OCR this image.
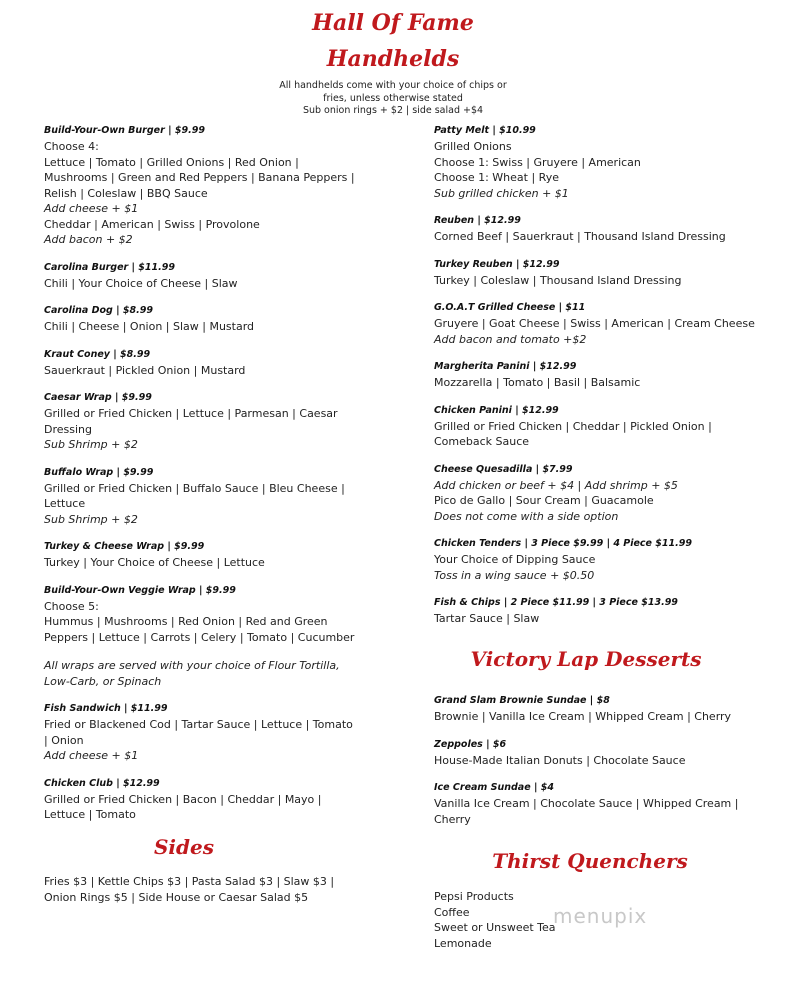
Hall Of Fame
Handhelds
All handhelds come with your choice of chips or
fries, unless otherwise stated
Sub onion rings + $2 | side salad +$4
Build-Your-Own Burger | $9.99
Choose 4:
Lettuce | Tomato | Grilled Onions | Red Onion |
Mushrooms | Green and Red Peppers | Banana Peppers |
Relish | Coleslaw | BBQ Sauce
Add cheese + $1
Cheddar | American | Swiss | Provolone
Add bacon + $2
Carolina Burger | $11.99
Chili | Your Choice of Cheese | Slaw
Carolina Dog | $8.99
Chili | Cheese | Onion | Slaw | Mustard
Kraut Coney | $8.99
Sauerkraut | Pickled Onion | Mustard
Caesar Wrap | $9.99
Grilled or Fried Chicken | Lettuce | Parmesan | Caesar
Dressing
Sub Shrimp + $2
Buffalo Wrap | $9.99
Grilled or Fried Chicken | Buffalo Sauce | Bleu Cheese |
Lettuce
Sub Shrimp + $2
Turkey & Cheese Wrap | $9.99
Turkey | Your Choice of Cheese | Lettuce
Build-Your-Own Veggie Wrap | $9.99
Choose 5:
Hummus | Mushrooms | Red Onion | Red and Green
Peppers | Lettuce | Carrots | Celery | Tomato | Cucumber
All wraps are served with your choice of Flour Tortilla,
Low-Carb, or Spinach
Fish Sandwich | $11.99
Fried or Blackened Cod | Tartar Sauce | Lettuce | Tomato
| Onion
Add cheese + $1
Chicken Club | $12.99
Grilled or Fried Chicken | Bacon | Cheddar | Mayo |
Lettuce | Tomato
Patty Melt | $10.99
Grilled Onions
Choose 1: Swiss | Gruyere | American
Choose 1: Wheat | Rye
Sub grilled chicken + $1
Reuben | $12.99
Corned Beef | Sauerkraut | Thousand Island Dressing
Turkey Reuben | $12.99
Turkey | Coleslaw | Thousand Island Dressing
G.O.A.T Grilled Cheese | $11
Gruyere | Goat Cheese | Swiss | American | Cream Cheese
Add bacon and tomato +$2
Margherita Panini | $12.99
Mozzarella | Tomato | Basil | Balsamic
Chicken Panini | $12.99
Grilled or Fried Chicken | Cheddar | Pickled Onion |
Comeback Sauce
Cheese Quesadilla | $7.99
Add chicken or beef + $4 | Add shrimp + $5
Pico de Gallo | Sour Cream | Guacamole
Does not come with a side option
Chicken Tenders | 3 Piece $9.99 | 4 Piece $11.99
Your Choice of Dipping Sauce
Toss in a wing sauce + $0.50
Fish & Chips | 2 Piece $11.99 | 3 Piece $13.99
Tartar Sauce | Slaw
Victory Lap Desserts
Grand Slam Brownie Sundae | $8
Brownie | Vanilla Ice Cream | Whipped Cream | Cherry
Zeppoles | $6
House-Made Italian Donuts | Chocolate Sauce
Ice Cream Sundae | $4
Vanilla Ice Cream | Chocolate Sauce | Whipped Cream |
Cherry
Sides
Fries $3 | Kettle Chips $3 | Pasta Salad $3 | Slaw $3 |
Onion Rings $5 | Side House or Caesar Salad $5
Thirst Quenchers
Pepsi Products
Coffee
Sweet or Unsweet Tea
Lemonade
menupix
